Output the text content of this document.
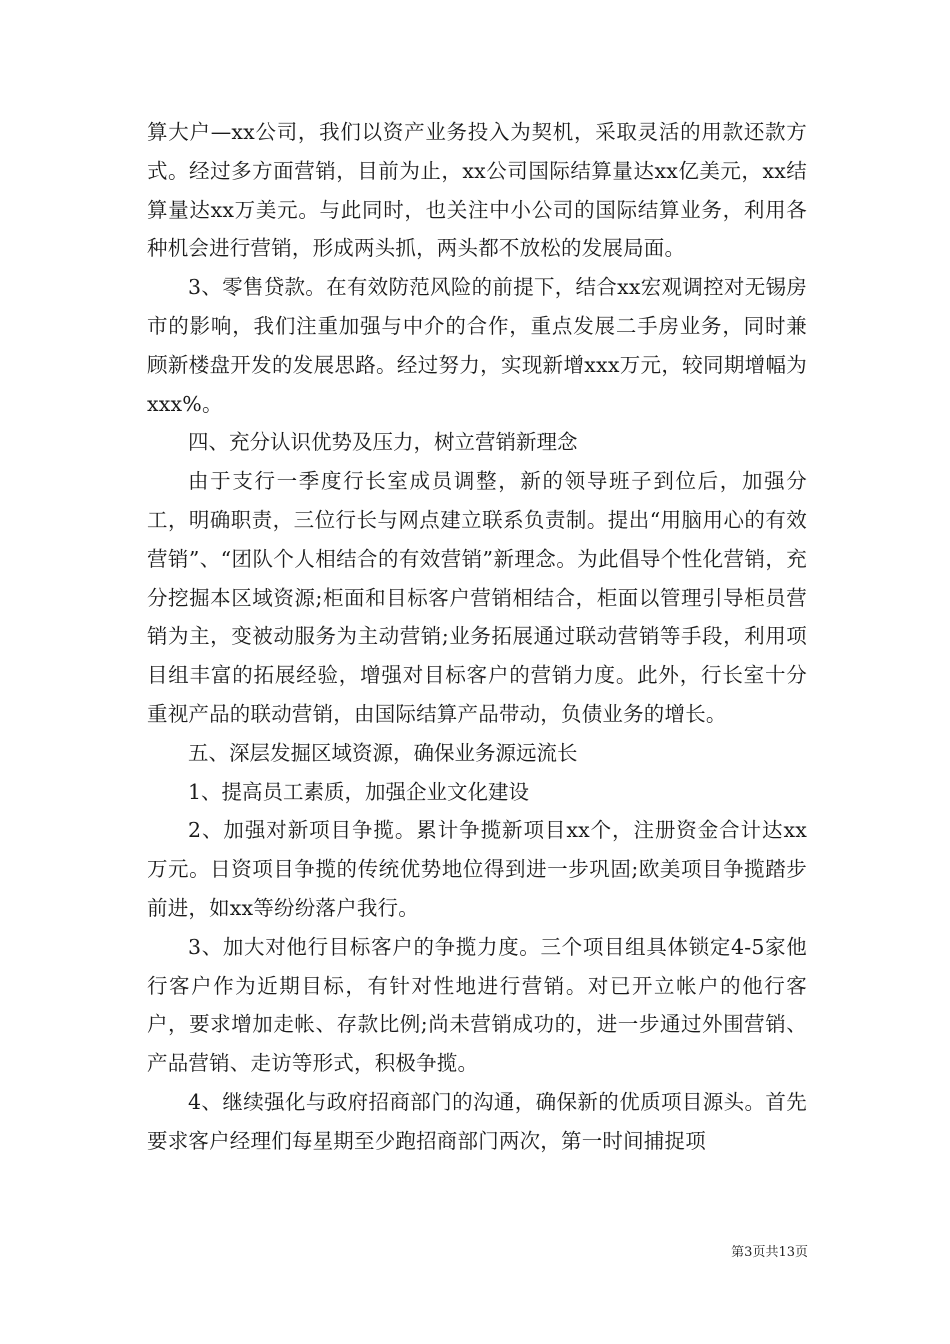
算大户—xx公司，我们以资产业务投入为契机，采取灵活的用款还款方式。经过多方面营销，目前为止，xx公司国际结算量达xx亿美元，xx结算量达xx万美元。与此同时，也关注中小公司的国际结算业务，利用各种机会进行营销，形成两头抓，两头都不放松的发展局面。

3、零售贷款。在有效防范风险的前提下，结合xx宏观调控对无锡房市的影响，我们注重加强与中介的合作，重点发展二手房业务，同时兼顾新楼盘开发的发展思路。经过努力，实现新增xxx万元，较同期增幅为xxx%。

四、充分认识优势及压力，树立营销新理念

由于支行一季度行长室成员调整，新的领导班子到位后，加强分工，明确职责，三位行长与网点建立联系负责制。提出“用脑用心的有效营销”、“团队个人相结合的有效营销”新理念。为此倡导个性化营销，充分挖掘本区域资源;柜面和目标客户营销相结合，柜面以管理引导柜员营销为主，变被动服务为主动营销;业务拓展通过联动营销等手段，利用项目组丰富的拓展经验，增强对目标客户的营销力度。此外，行长室十分重视产品的联动营销，由国际结算产品带动，负债业务的增长。

五、深层发掘区域资源，确保业务源远流长

1、提高员工素质，加强企业文化建设

2、加强对新项目争揽。累计争揽新项目xx个，注册资金合计达xx万元。日资项目争揽的传统优势地位得到进一步巩固;欧美项目争揽踏步前进，如xx等纷纷落户我行。

3、加大对他行目标客户的争揽力度。三个项目组具体锁定4-5家他行客户作为近期目标，有针对性地进行营销。对已开立帐户的他行客户，要求增加走帐、存款比例;尚未营销成功的，进一步通过外围营销、产品营销、走访等形式，积极争揽。

4、继续强化与政府招商部门的沟通，确保新的优质项目源头。首先要求客户经理们每星期至少跑招商部门两次，第一时间捕捉项

第3页共13页
